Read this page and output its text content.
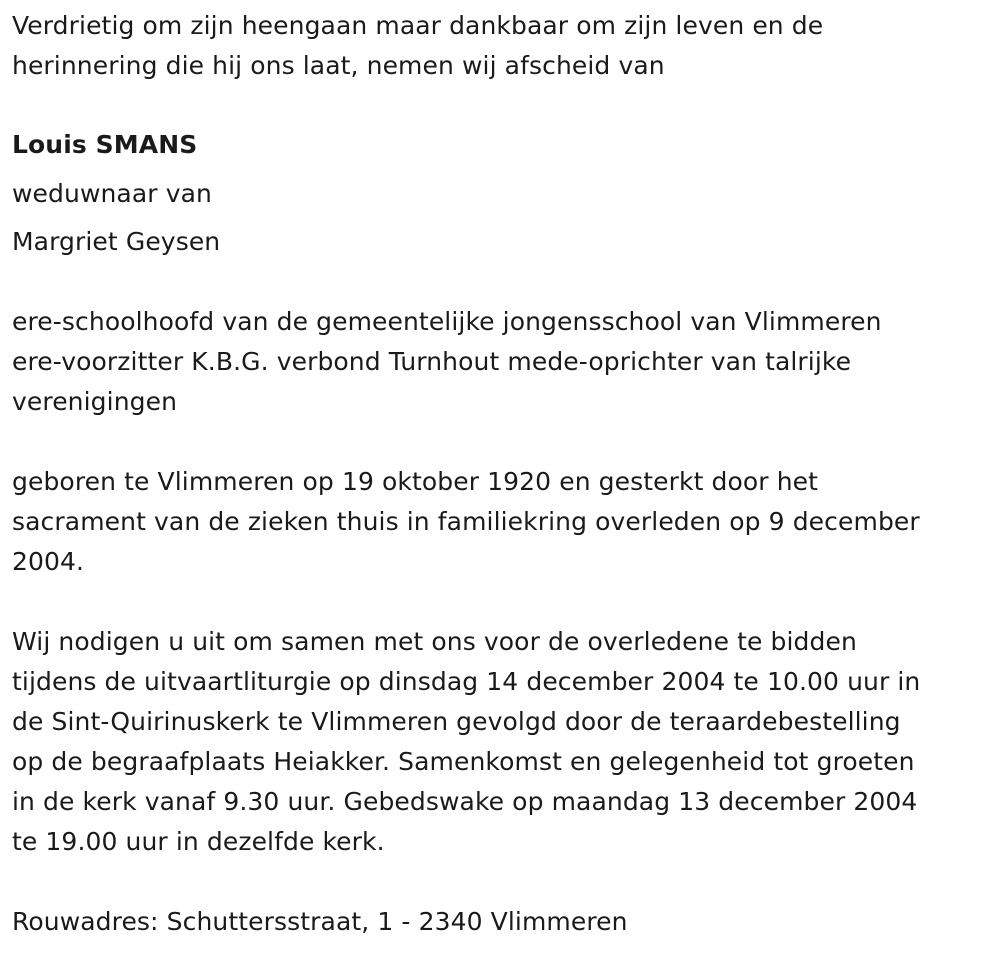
Verdrietig om zijn heengaan maar dankbaar om zijn leven en de
herinnering die hij ons laat, nemen wij afscheid van

Louis SMANS

weduwnaar van

Margriet Geysen

ere-schoolhoofd van de gemeentelijke jongensschool van Vlimmeren
ere-voorzitter K.B.G. verbond Turnhout mede-oprichter van talrijke
verenigingen

geboren te Vlimmeren op 19 oktober 1920 en gesterkt door het
sacrament van de zieken thuis in familiekring overleden op 9 december
2004.

Wij nodigen u uit om samen met ons voor de overledene te bidden
tijdens de uitvaartliturgie op dinsdag 14 december 2004 te 10.00 uur in
de Sint-Quirinuskerk te Vlimmeren gevolgd door de teraardebestelling
op de begraafplaats Heiakker. Samenkomst en gelegenheid tot groeten
in de kerk vanaf 9.30 uur. Gebedswake op maandag 13 december 2004
te 19.00 uur in dezelfde kerk.

Rouwadres: Schuttersstraat, 1 - 2340 Vlimmeren
